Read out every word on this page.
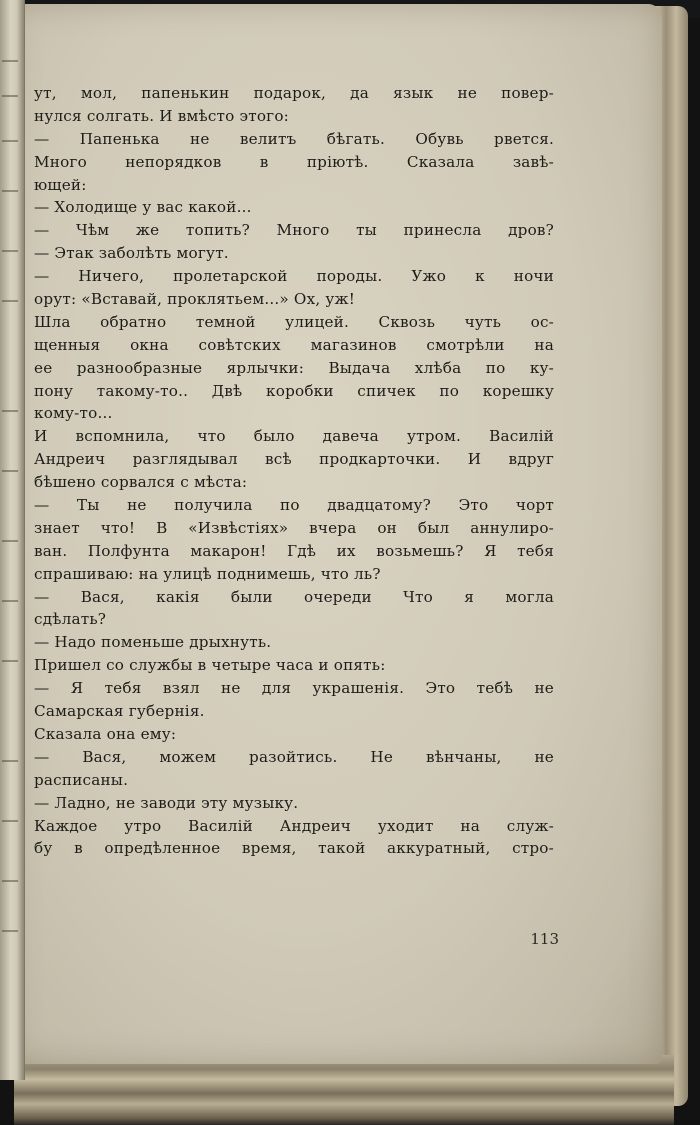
ут, мол, папенькин подарок, да язык не повер-
нулся солгать. И вмѣсто этого:
— Папенька не велитъ бѣгать. Обувь рвется.
Много непорядков в пріютѣ. Сказала завѣ-
ющей:
— Холодище у вас какой...
— Чѣм же топить? Много ты принесла дров?
— Этак заболѣть могут.
— Ничего, пролетарской породы. Ужо к ночи
орут: «Вставай, проклятьем...» Ох, уж!
Шла обратно темной улицей. Сквозь чуть ос-
щенныя окна совѣтских магазинов смотрѣли на
ее разнообразные ярлычки: Выдача хлѣба по ку-
пону такому-то.. Двѣ коробки спичек по корешку
кому-то...
И вспомнила, что было давеча утром. Василій
Андреич разглядывал всѣ продкарточки. И вдруг
бѣшено сорвался с мѣста:
— Ты не получила по двадцатому? Это чорт
знает что! В «Извѣстіях» вчера он был аннулиро-
ван. Полфунта макарон! Гдѣ их возьмешь? Я тебя
спрашиваю: на улицѣ поднимешь, что ль?
— Вася, какія были очереди Что я могла
сдѣлать?
— Надо поменьше дрыхнуть.
Пришел со службы в четыре часа и опять:
— Я тебя взял не для украшенія. Это тебѣ не
Самарская губернія.
Сказала она ему:
— Вася, можем разойтись. Не вѣнчаны, не
расписаны.
— Ладно, не заводи эту музыку.
Каждое утро Василій Андреич уходит на служ-
бу в опредѣленное время, такой аккуратный, стро-
113
